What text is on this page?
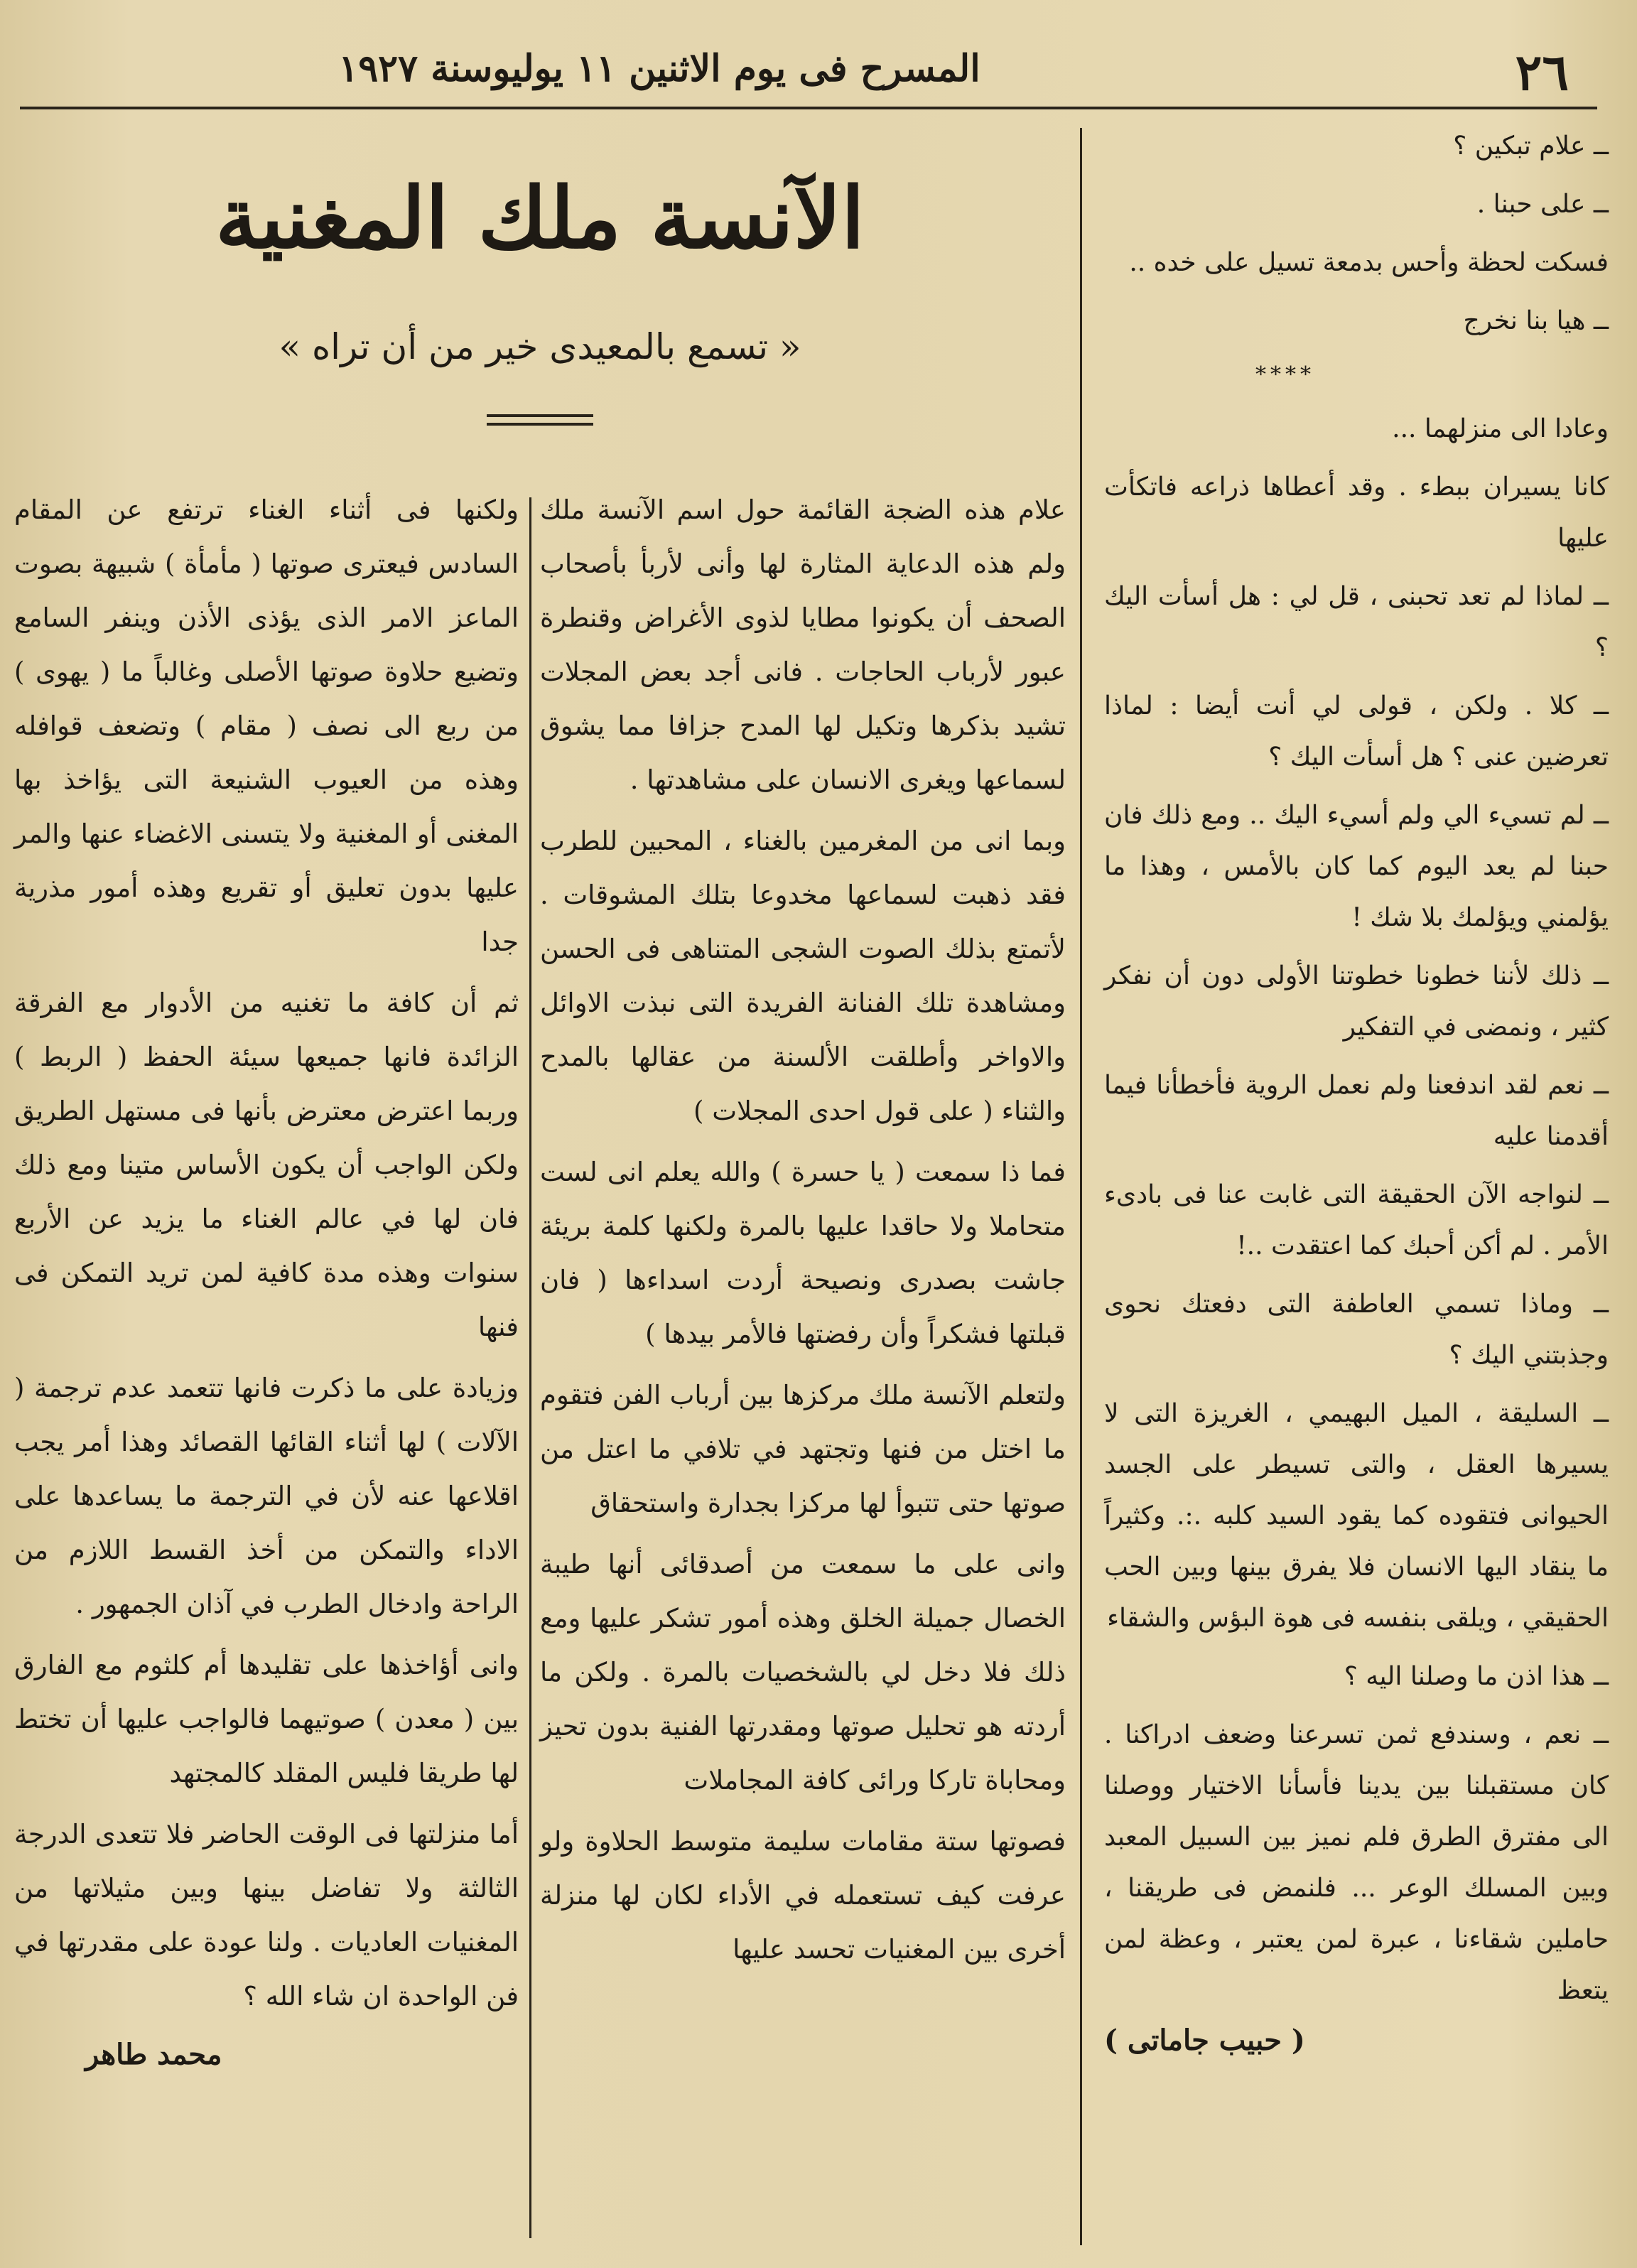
٢٦
المسرح فى يوم الاثنين ١١ يوليوسنة ١٩٢٧

ــ علام تبكين ؟

ــ على حبنا .

فسكت لحظة وأحس بدمعة تسيل على خده ..

ــ هيا بنا نخرج

****

وعادا الى منزلهما ...

كانا يسيران ببطء . وقد أعطاها ذراعه فاتكأت عليها

ــ لماذا لم تعد تحبنى ، قل لي : هل أسأت اليك ؟

ــ كلا . ولكن ، قولى لي أنت أيضا : لماذا تعرضين عنى ؟ هل أسأت اليك ؟

ــ لم تسيء الي ولم أسيء اليك .. ومع ذلك فان حبنا لم يعد اليوم كما كان بالأمس ، وهذا ما يؤلمني ويؤلمك بلا شك !

ــ ذلك لأننا خطونا خطوتنا الأولى دون أن نفكر كثير ، ونمضى في التفكير

ــ نعم لقد اندفعنا ولم نعمل الروية فأخطأنا فيما أقدمنا عليه

ــ لنواجه الآن الحقيقة التى غابت عنا فى بادىء الأمر . لم أكن أحبك كما اعتقدت ..!

ــ وماذا تسمي العاطفة التى دفعتك نحوى وجذبتني اليك ؟

ــ السليقة ، الميل البهيمي ، الغريزة التى لا يسيرها العقل ، والتى تسيطر على الجسد الحيوانى فتقوده كما يقود السيد كلبه .:. وكثيراً ما ينقاد اليها الانسان فلا يفرق بينها وبين الحب الحقيقي ، ويلقى بنفسه فى هوة البؤس والشقاء

ــ هذا اذن ما وصلنا اليه ؟

ــ نعم ، وسندفع ثمن تسرعنا وضعف ادراكنا . كان مستقبلنا بين يدينا فأسأنا الاختيار ووصلنا الى مفترق الطرق فلم نميز بين السبيل المعبد وبين المسلك الوعر ... فلنمض فى طريقنا ، حاملين شقاءنا ، عبرة لمن يعتبر ، وعظة لمن يتعظ

( حبيب جاماتى )
الآنسة ملك المغنية
« تسمع بالمعيدى خير من أن تراه »

علام هذه الضجة القائمة حول اسم الآنسة ملك ولم هذه الدعاية المثارة لها وأنى لأربأ بأصحاب الصحف أن يكونوا مطايا لذوى الأغراض وقنطرة عبور لأرباب الحاجات . فانى أجد بعض المجلات تشيد بذكرها وتكيل لها المدح جزافا مما يشوق لسماعها ويغرى الانسان على مشاهدتها .

وبما انى من المغرمين بالغناء ، المحبين للطرب فقد ذهبت لسماعها مخدوعا بتلك المشوقات . لأتمتع بذلك الصوت الشجى المتناهى فى الحسن ومشاهدة تلك الفنانة الفريدة التى نبذت الاوائل والاواخر وأطلقت الألسنة من عقالها بالمدح والثناء ( على قول احدى المجلات )

فما ذا سمعت ( يا حسرة ) والله يعلم انى لست متحاملا ولا حاقدا عليها بالمرة ولكنها كلمة بريئة جاشت بصدرى ونصيحة أردت اسداءها ( فان قبلتها فشكراً وأن رفضتها فالأمر بيدها )

ولتعلم الآنسة ملك مركزها بين أرباب الفن فتقوم ما اختل من فنها وتجتهد في تلافي ما اعتل من صوتها حتى تتبوأ لها مركزا بجدارة واستحقاق

وانى على ما سمعت من أصدقائى أنها طيبة الخصال جميلة الخلق وهذه أمور تشكر عليها ومع ذلك فلا دخل لي بالشخصيات بالمرة . ولكن ما أردته هو تحليل صوتها ومقدرتها الفنية بدون تحيز ومحاباة تاركا ورائى كافة المجاملات

فصوتها ستة مقامات سليمة متوسط الحلاوة ولو عرفت كيف تستعمله في الأداء لكان لها منزلة أخرى بين المغنيات تحسد عليها

ولكنها فى أثناء الغناء ترتفع عن المقام السادس فيعترى صوتها ( مأمأة ) شبيهة بصوت الماعز الامر الذى يؤذى الأذن وينفر السامع وتضيع حلاوة صوتها الأصلى وغالباً ما ( يهوى ) من ربع الى نصف ( مقام ) وتضعف قوافله وهذه من العيوب الشنيعة التى يؤاخذ بها المغنى أو المغنية ولا يتسنى الاغضاء عنها والمر عليها بدون تعليق أو تقريع وهذه أمور مذرية جدا

ثم أن كافة ما تغنيه من الأدوار مع الفرقة الزائدة فانها جميعها سيئة الحفظ ( الربط ) وربما اعترض معترض بأنها فى مستهل الطريق ولكن الواجب أن يكون الأساس متينا ومع ذلك فان لها في عالم الغناء ما يزيد عن الأربع سنوات وهذه مدة كافية لمن تريد التمكن فى فنها

وزيادة على ما ذكرت فانها تتعمد عدم ترجمة ( الآلات ) لها أثناء القائها القصائد وهذا أمر يجب اقلاعها عنه لأن في الترجمة ما يساعدها على الاداء والتمكن من أخذ القسط اللازم من الراحة وادخال الطرب في آذان الجمهور .

وانى أؤاخذها على تقليدها أم كلثوم مع الفارق بين ( معدن ) صوتيهما فالواجب عليها أن تختط لها طريقا فليس المقلد كالمجتهد

أما منزلتها فى الوقت الحاضر فلا تتعدى الدرجة الثالثة ولا تفاضل بينها وبين مثيلاتها من المغنيات العاديات . ولنا عودة على مقدرتها في فن الواحدة ان شاء الله ؟

محمد طاهر
